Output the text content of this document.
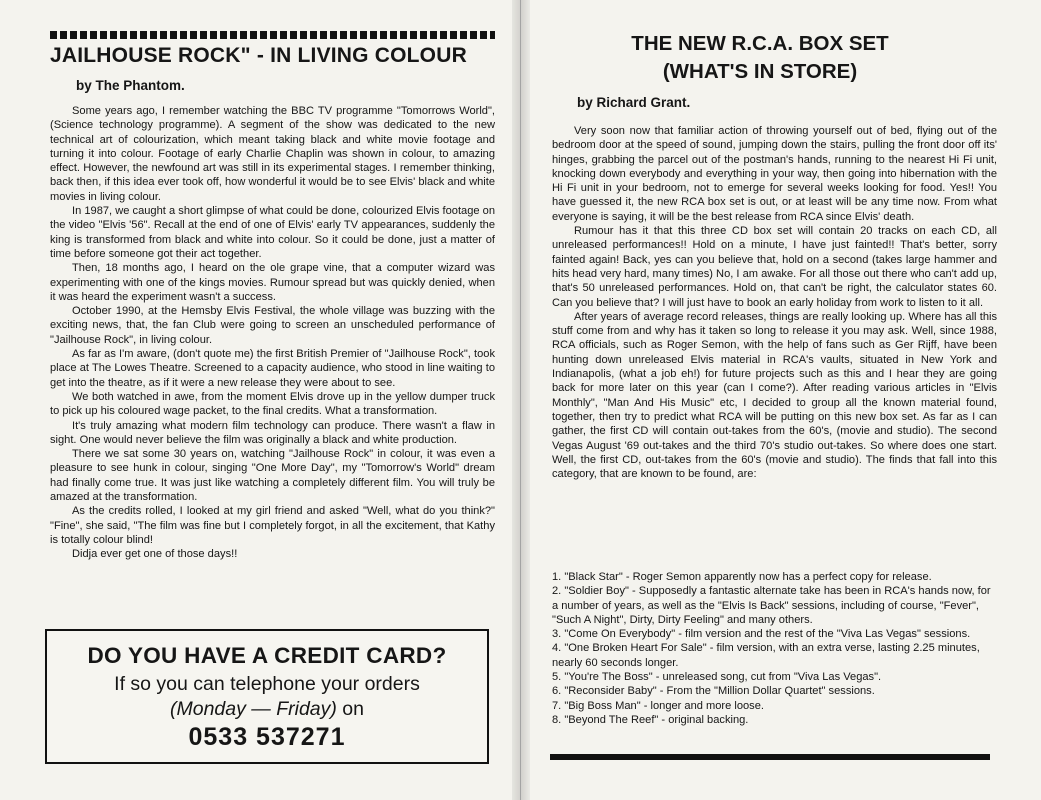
JAILHOUSE ROCK" - IN LIVING COLOUR
by The Phantom.

Some years ago, I remember watching the BBC TV programme "Tomorrows World", (Science technology programme). A segment of the show was dedicated to the new technical art of colourization, which meant taking black and white movie footage and turning it into colour. Footage of early Charlie Chaplin was shown in colour, to amazing effect. However, the newfound art was still in its experimental stages. I remember thinking, back then, if this idea ever took off, how wonderful it would be to see Elvis' black and white movies in living colour.

In 1987, we caught a short glimpse of what could be done, colourized Elvis footage on the video "Elvis '56". Recall at the end of one of Elvis' early TV appearances, suddenly the king is transformed from black and white into colour. So it could be done, just a matter of time before someone got their act together.

Then, 18 months ago, I heard on the ole grape vine, that a computer wizard was experimenting with one of the kings movies. Rumour spread but was quickly denied, when it was heard the experiment wasn't a success.

October 1990, at the Hemsby Elvis Festival, the whole village was buzzing with the exciting news, that, the fan Club were going to screen an unscheduled performance of "Jailhouse Rock", in living colour.

As far as I'm aware, (don't quote me) the first British Premier of "Jailhouse Rock", took place at The Lowes Theatre. Screened to a capacity audience, who stood in line waiting to get into the theatre, as if it were a new release they were about to see.

We both watched in awe, from the moment Elvis drove up in the yellow dumper truck to pick up his coloured wage packet, to the final credits. What a transformation.

It's truly amazing what modern film technology can produce. There wasn't a flaw in sight. One would never believe the film was originally a black and white production.

There we sat some 30 years on, watching "Jailhouse Rock" in colour, it was even a pleasure to see hunk in colour, singing "One More Day", my "Tomorrow's World" dream had finally come true. It was just like watching a completely different film. You will truly be amazed at the transformation.

As the credits rolled, I looked at my girl friend and asked "Well, what do you think?" "Fine", she said, "The film was fine but I completely forgot, in all the excitement, that Kathy is totally colour blind!

Didja ever get one of those days!!

DO YOU HAVE A CREDIT CARD?
If so you can telephone your orders
(Monday — Friday) on
0533 537271
THE NEW R.C.A. BOX SET
(WHAT'S IN STORE)
by Richard Grant.

Very soon now that familiar action of throwing yourself out of bed, flying out of the bedroom door at the speed of sound, jumping down the stairs, pulling the front door off its' hinges, grabbing the parcel out of the postman's hands, running to the nearest Hi Fi unit, knocking down everybody and everything in your way, then going into hibernation with the Hi Fi unit in your bedroom, not to emerge for several weeks looking for food. Yes!! You have guessed it, the new RCA box set is out, or at least will be any time now. From what everyone is saying, it will be the best release from RCA since Elvis' death.

Rumour has it that this three CD box set will contain 20 tracks on each CD, all unreleased performances!! Hold on a minute, I have just fainted!! That's better, sorry fainted again! Back, yes can you believe that, hold on a second (takes large hammer and hits head very hard, many times) No, I am awake. For all those out there who can't add up, that's 50 unreleased performances. Hold on, that can't be right, the calculator states 60. Can you believe that? I will just have to book an early holiday from work to listen to it all.

After years of average record releases, things are really looking up. Where has all this stuff come from and why has it taken so long to release it you may ask. Well, since 1988, RCA officials, such as Roger Semon, with the help of fans such as Ger Rijff, have been hunting down unreleased Elvis material in RCA's vaults, situated in New York and Indianapolis, (what a job eh!) for future projects such as this and I hear they are going back for more later on this year (can I come?). After reading various articles in "Elvis Monthly", "Man And His Music" etc, I decided to group all the known material found, together, then try to predict what RCA will be putting on this new box set. As far as I can gather, the first CD will contain out-takes from the 60's, (movie and studio). The second Vegas August '69 out-takes and the third 70's studio out-takes. So where does one start. Well, the first CD, out-takes from the 60's (movie and studio). The finds that fall into this category, that are known to be found, are:

1. "Black Star" - Roger Semon apparently now has a perfect copy for release.
2. "Soldier Boy" - Supposedly a fantastic alternate take has been in RCA's hands now, for a number of years, as well as the "Elvis Is Back" sessions, including of course, "Fever", "Such A Night", Dirty, Dirty Feeling" and many others.
3. "Come On Everybody" - film version and the rest of the "Viva Las Vegas" sessions.
4. "One Broken Heart For Sale" - film version, with an extra verse, lasting 2.25 minutes, nearly 60 seconds longer.
5. "You're The Boss" - unreleased song, cut from "Viva Las Vegas".
6. "Reconsider Baby" - From the "Million Dollar Quartet" sessions.
7. "Big Boss Man" - longer and more loose.
8. "Beyond The Reef" - original backing.
